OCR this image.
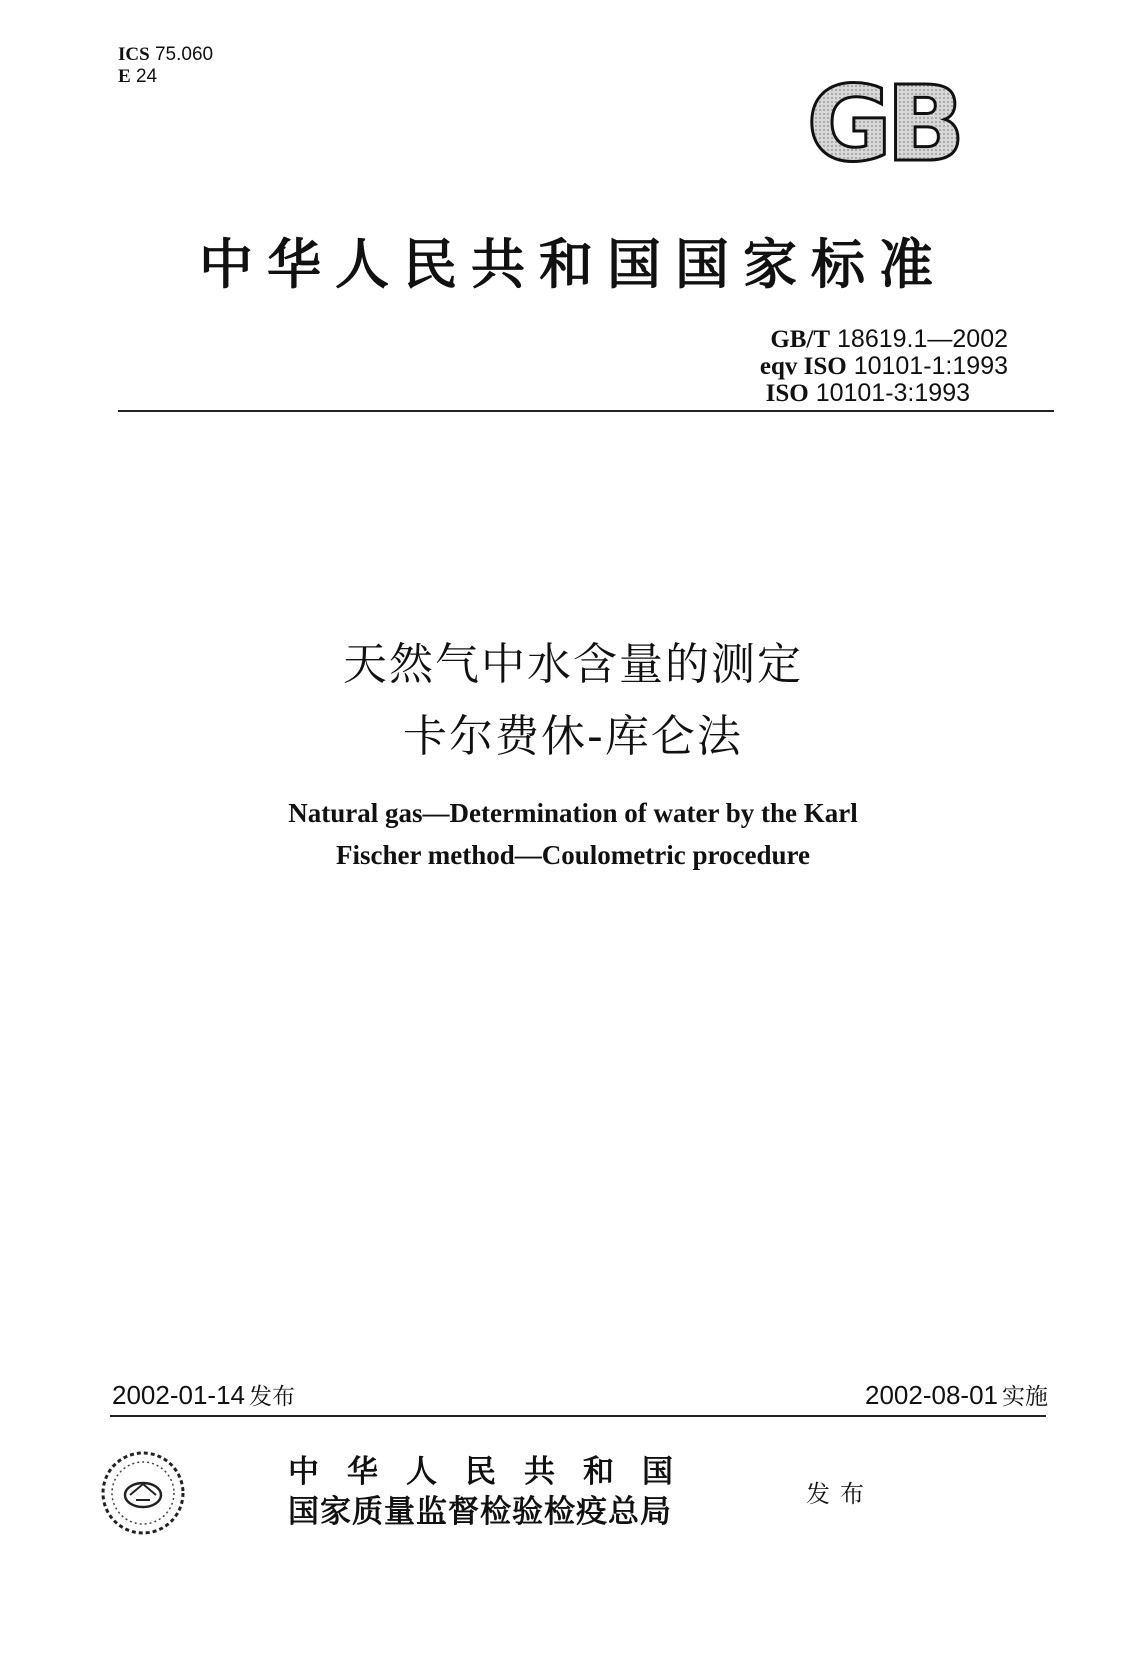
ICS 75.060
E 24	GB
中华人民共和国国家标准
GB/T 18619.1—2002
eqv ISO 10101-1:1993
ISO 10101-3:1993
天然气中水含量的测定
卡尔费休-库仑法
Natural gas—Determination of water by the Karl
Fischer method—Coulometric procedure
2002-01-14 发布	2002-08-01 实施
中华人民共和国
国家质量监督检验检疫总局	发布
